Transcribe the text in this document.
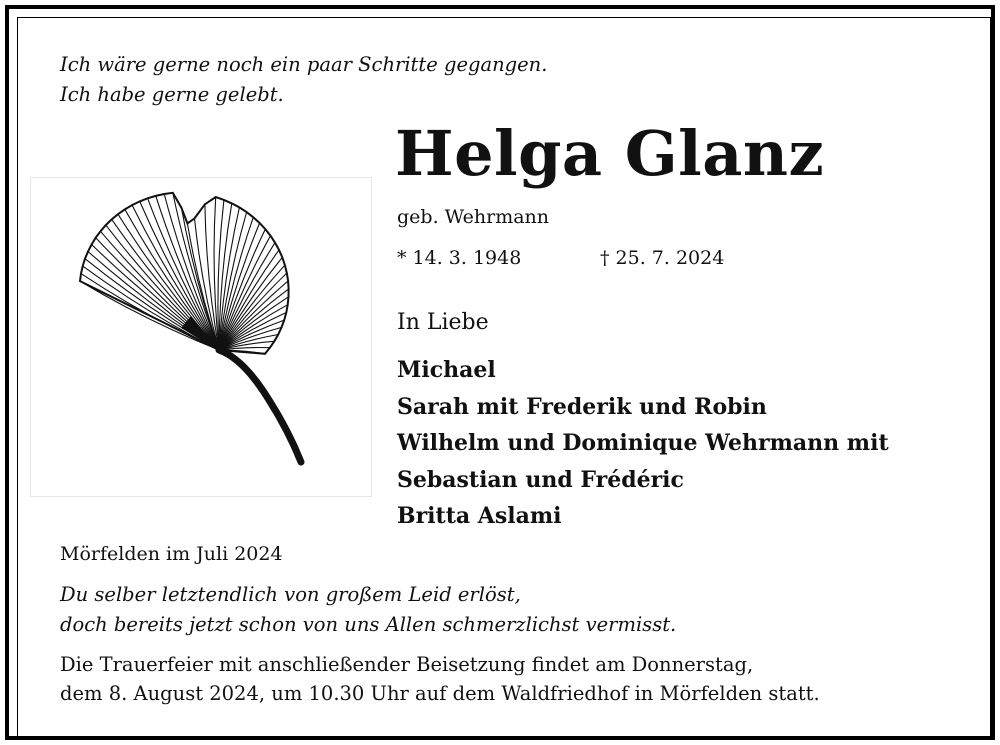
Ich wäre gerne noch ein paar Schritte gegangen.
Ich habe gerne gelebt.
Helga Glanz
geb. Wehrmann
* 14. 3. 1948	† 25. 7. 2024
In Liebe
Michael
Sarah mit Frederik und Robin
Wilhelm und Dominique Wehrmann mit
Sebastian und Frédéric
Britta Aslami
Mörfelden im Juli 2024
Du selber letztendlich von großem Leid erlöst,
doch bereits jetzt schon von uns Allen schmerzlichst vermisst.
Die Trauerfeier mit anschließender Beisetzung findet am Donnerstag,
dem 8. August 2024, um 10.30 Uhr auf dem Waldfriedhof in Mörfelden statt.
